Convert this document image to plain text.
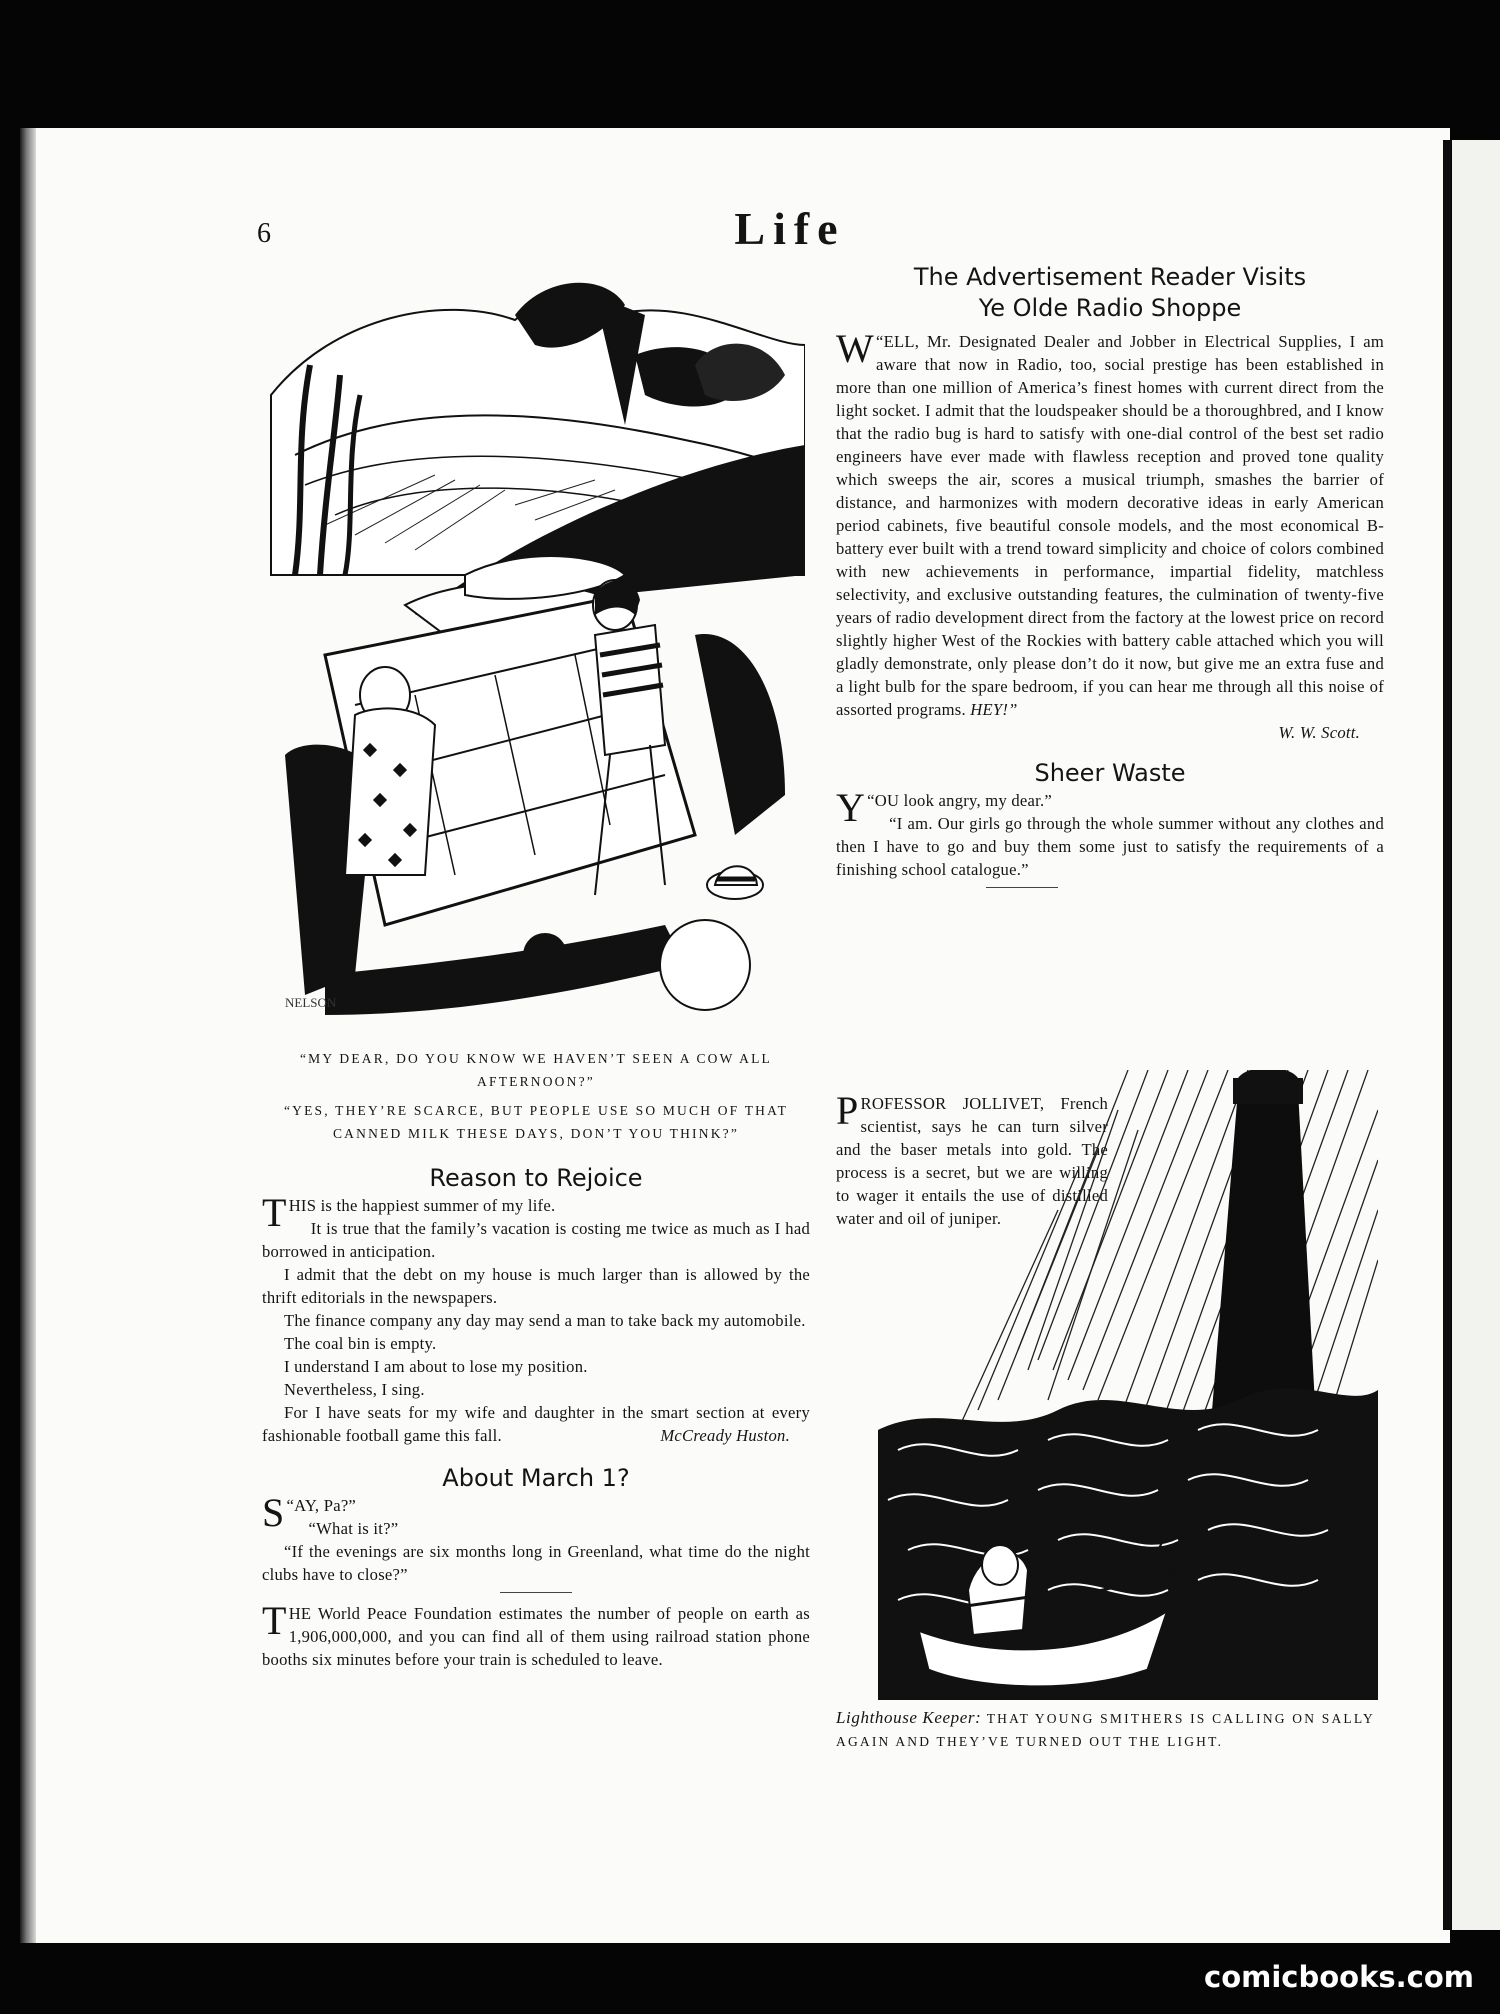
6	Life
NELSON

“MY DEAR, DO YOU KNOW WE HAVEN’T SEEN A COW ALL AFTERNOON?”

“YES, THEY’RE SCARCE, BUT PEOPLE USE SO MUCH OF THAT CANNED MILK THESE DAYS, DON’T YOU THINK?”

Reason to Rejoice

THIS is the happiest summer of my life.

It is true that the family’s vacation is costing me twice as much as I had borrowed in anticipation.

I admit that the debt on my house is much larger than is allowed by the thrift editorials in the newspapers.

The finance company any day may send a man to take back my automobile.

The coal bin is empty.

I understand I am about to lose my position.

Nevertheless, I sing.

For I have seats for my wife and daughter in the smart section at every fashionable football game this fall.	McCready Huston.

About March 1?

“
S AY, Pa?”

“What is it?”

“If the evenings are six months long in Greenland, what time do the night clubs have to close?”

THE World Peace Foundation estimates the number of people on earth as 1,906,000,000, and you can find all of them using railroad station phone booths six minutes before your train is scheduled to leave.

The Advertisement Reader Visits
Ye Olde Radio Shoppe

“
W ELL, Mr. Designated Dealer and Jobber in Electrical Supplies, I am aware that now in Radio, too, social prestige has been established in more than one million of America’s finest homes with current direct from the light socket. I admit that the loudspeaker should be a thoroughbred, and I know that the radio bug is hard to satisfy with one-dial control of the best set radio engineers have ever made with flawless reception and proved tone quality which sweeps the air, scores a musical triumph, smashes the barrier of distance, and harmonizes with modern decorative ideas in early American period cabinets, five beautiful console models, and the most economical B-battery ever built with a trend toward simplicity and choice of colors combined with new achievements in performance, impartial fidelity, matchless selectivity, and exclusive outstanding features, the culmination of twenty-five years of radio development direct from the factory at the lowest price on record slightly higher West of the Rockies with battery cable attached which you will gladly demonstrate, only please don’t do it now, but give me an extra fuse and a light bulb for the spare bedroom, if you can hear me through all this noise of assorted programs. HEY!”

W. W. Scott.

Sheer Waste

“
Y OU look angry, my dear.”

“I am. Our girls go through the whole summer without any clothes and then I have to go and buy them some just to satisfy the requirements of a finishing school catalogue.”

PROFESSOR JOLLIVET, French scientist, says he can turn silver and the baser metals into gold. The process is a secret, but we are willing to wager it entails the use of distilled water and oil of juniper.

Lighthouse Keeper: THAT YOUNG SMITHERS IS CALLING ON SALLY AGAIN AND THEY’VE TURNED OUT THE LIGHT.

comicbooks.com
